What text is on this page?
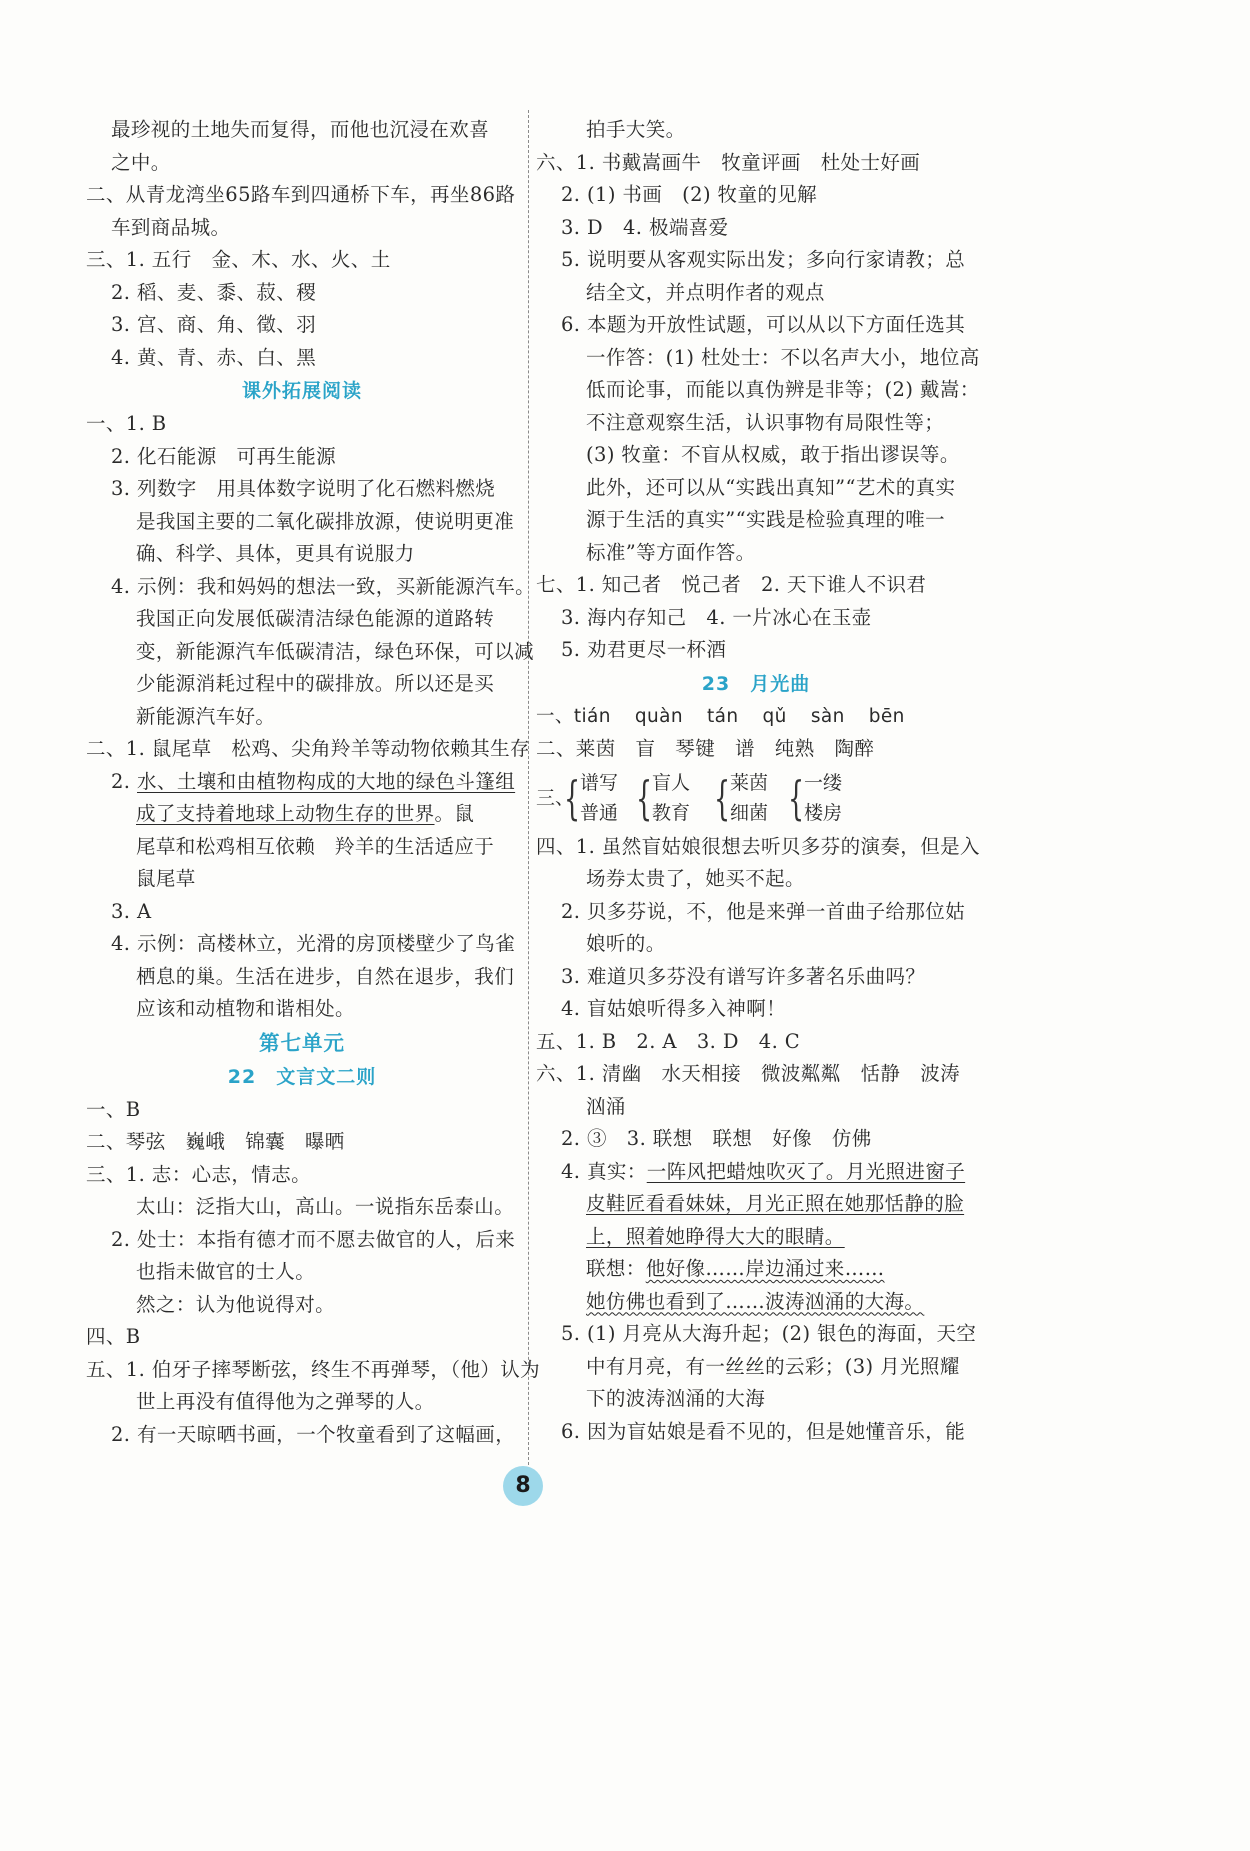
最珍视的土地失而复得，而他也沉浸在欢喜
之中。
二、从青龙湾坐65路车到四通桥下车，再坐86路
车到商品城。
三、1. 五行　金、木、水、火、土
2. 稻、麦、黍、菽、稷
3. 宫、商、角、徵、羽
4. 黄、青、赤、白、黑
课外拓展阅读
一、1. B
2. 化石能源　可再生能源
3. 列数字　用具体数字说明了化石燃料燃烧
是我国主要的二氧化碳排放源，使说明更准
确、科学、具体，更具有说服力
4. 示例：我和妈妈的想法一致，买新能源汽车。
我国正向发展低碳清洁绿色能源的道路转
变，新能源汽车低碳清洁，绿色环保，可以减
少能源消耗过程中的碳排放。所以还是买
新能源汽车好。
二、1. 鼠尾草　松鸡、尖角羚羊等动物依赖其生存
2. 水、土壤和由植物构成的大地的绿色斗篷组
成了支持着地球上动物生存的世界。鼠
尾草和松鸡相互依赖　羚羊的生活适应于
鼠尾草
3. A
4. 示例：高楼林立，光滑的房顶楼壁少了鸟雀
栖息的巢。生活在进步，自然在退步，我们
应该和动植物和谐相处。
第七单元
22　文言文二则
一、B
二、琴弦　巍峨　锦囊　曝晒
三、1. 志：心志，情志。
太山：泛指大山，高山。一说指东岳泰山。
2. 处士：本指有德才而不愿去做官的人，后来
也指未做官的士人。
然之：认为他说得对。
四、B
五、1. 伯牙子摔琴断弦，终生不再弹琴，（他）认为
世上再没有值得他为之弹琴的人。
2. 有一天晾晒书画，一个牧童看到了这幅画，
拍手大笑。
六、1. 书戴嵩画牛　牧童评画　杜处士好画
2. (1) 书画　(2) 牧童的见解
3. D　4. 极端喜爱
5. 说明要从客观实际出发；多向行家请教；总
结全文，并点明作者的观点
6. 本题为开放性试题，可以从以下方面任选其
一作答：(1) 杜处士：不以名声大小，地位高
低而论事，而能以真伪辨是非等；(2) 戴嵩：
不注意观察生活，认识事物有局限性等；
(3) 牧童：不盲从权威，敢于指出谬误等。
此外，还可以从“实践出真知”“艺术的真实
源于生活的真实”“实践是检验真理的唯一
标准”等方面作答。
七、1. 知己者　悦己者　2. 天下谁人不识君
3. 海内存知己　4. 一片冰心在玉壶
5. 劝君更尽一杯酒
23　月光曲
一、tián quàn tán qǔ sàn bēn
二、莱茵　盲　琴键　谱　纯熟　陶醉
三、
{ 谱写
普通 { 盲人
教育 { 莱茵
细菌 { 一缕
楼房
四、1. 虽然盲姑娘很想去听贝多芬的演奏，但是入
场券太贵了，她买不起。
2. 贝多芬说，不，他是来弹一首曲子给那位姑
娘听的。
3. 难道贝多芬没有谱写许多著名乐曲吗？
4. 盲姑娘听得多入神啊！
五、1. B　2. A　3. D　4. C
六、1. 清幽　水天相接　微波粼粼　恬静　波涛
汹涌
2. ③　3. 联想　联想　好像　仿佛
4. 真实：一阵风把蜡烛吹灭了。月光照进窗子
皮鞋匠看看妹妹，月光正照在她那恬静的脸
上，照着她睁得大大的眼睛。
联想：他好像……岸边涌过来……
她仿佛也看到了……波涛汹涌的大海。
5. (1) 月亮从大海升起；(2) 银色的海面，天空
中有月亮，有一丝丝的云彩；(3) 月光照耀
下的波涛汹涌的大海
6. 因为盲姑娘是看不见的，但是她懂音乐，能
8
